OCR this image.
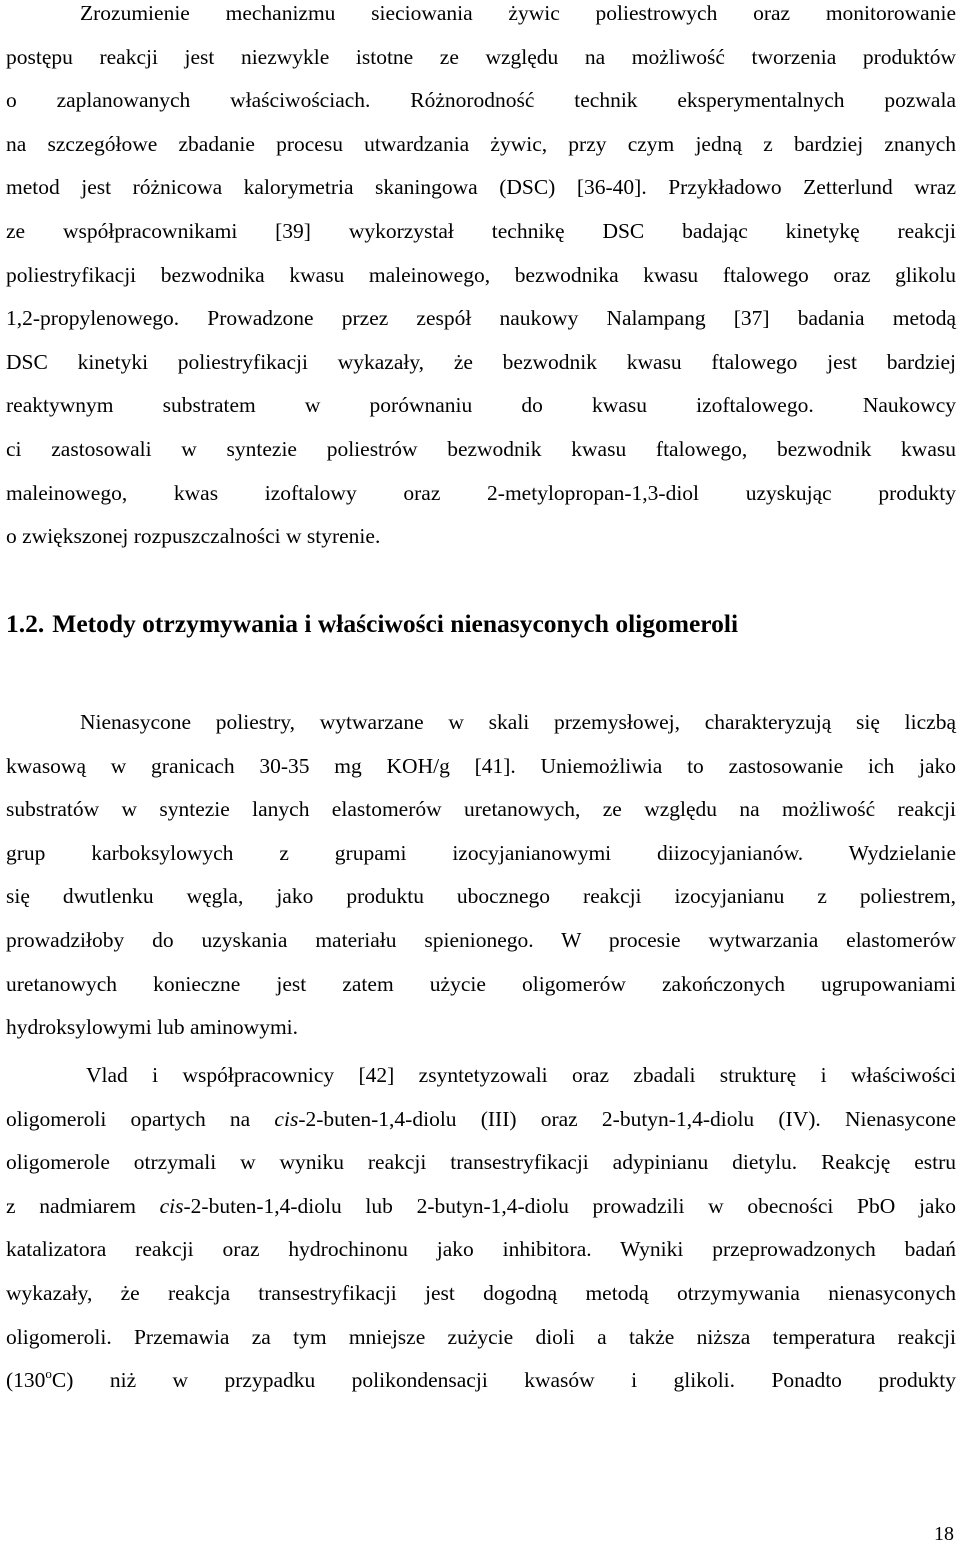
Zrozumienie mechanizmu sieciowania żywic poliestrowych oraz monitorowanie
postępu reakcji jest niezwykle istotne ze względu na możliwość tworzenia produktów
o zaplanowanych właściwościach. Różnorodność technik eksperymentalnych pozwala
na szczegółowe zbadanie procesu utwardzania żywic, przy czym jedną z bardziej znanych
metod jest różnicowa kalorymetria skaningowa (DSC) [36-40]. Przykładowo Zetterlund wraz
ze współpracownikami [39] wykorzystał technikę DSC badając kinetykę reakcji
poliestryfikacji bezwodnika kwasu maleinowego, bezwodnika kwasu ftalowego oraz glikolu
1,2-propylenowego. Prowadzone przez zespół naukowy Nalampang [37] badania metodą
DSC kinetyki poliestryfikacji wykazały, że bezwodnik kwasu ftalowego jest bardziej
reaktywnym substratem w porównaniu do kwasu izoftalowego. Naukowcy
ci zastosowali w syntezie poliestrów bezwodnik kwasu ftalowego, bezwodnik kwasu
maleinowego, kwas izoftalowy oraz 2-metylopropan-1,3-diol uzyskując produkty
o zwiększonej rozpuszczalności w styrenie.

1.2. Metody otrzymywania i właściwości nienasyconych oligomeroli

Nienasycone poliestry, wytwarzane w skali przemysłowej, charakteryzują się liczbą
kwasową w granicach 30-35 mg KOH/g [41]. Uniemożliwia to zastosowanie ich jako
substratów w syntezie lanych elastomerów uretanowych, ze względu na możliwość reakcji
grup karboksylowych z grupami izocyjanianowymi diizocyjanianów. Wydzielanie
się dwutlenku węgla, jako produktu ubocznego reakcji izocyjanianu z poliestrem,
prowadziłoby do uzyskania materiału spienionego. W procesie wytwarzania elastomerów
uretanowych konieczne jest zatem użycie oligomerów zakończonych ugrupowaniami
hydroksylowymi lub aminowymi.

Vlad i współpracownicy [42] zsyntetyzowali oraz zbadali strukturę i właściwości
oligomeroli opartych na cis-2-buten-1,4-diolu (III) oraz 2-butyn-1,4-diolu (IV). Nienasycone
oligomerole otrzymali w wyniku reakcji transestryfikacji adypinianu dietylu. Reakcję estru
z nadmiarem cis-2-buten-1,4-diolu lub 2-butyn-1,4-diolu prowadzili w obecności PbO jako
katalizatora reakcji oraz hydrochinonu jako inhibitora. Wyniki przeprowadzonych badań
wykazały, że reakcja transestryfikacji jest dogodną metodą otrzymywania nienasyconych
oligomeroli. Przemawia za tym mniejsze zużycie dioli a także niższa temperatura reakcji
(130$^o$C) niż w przypadku polikondensacji kwasów i glikoli. Ponadto produkty

18
